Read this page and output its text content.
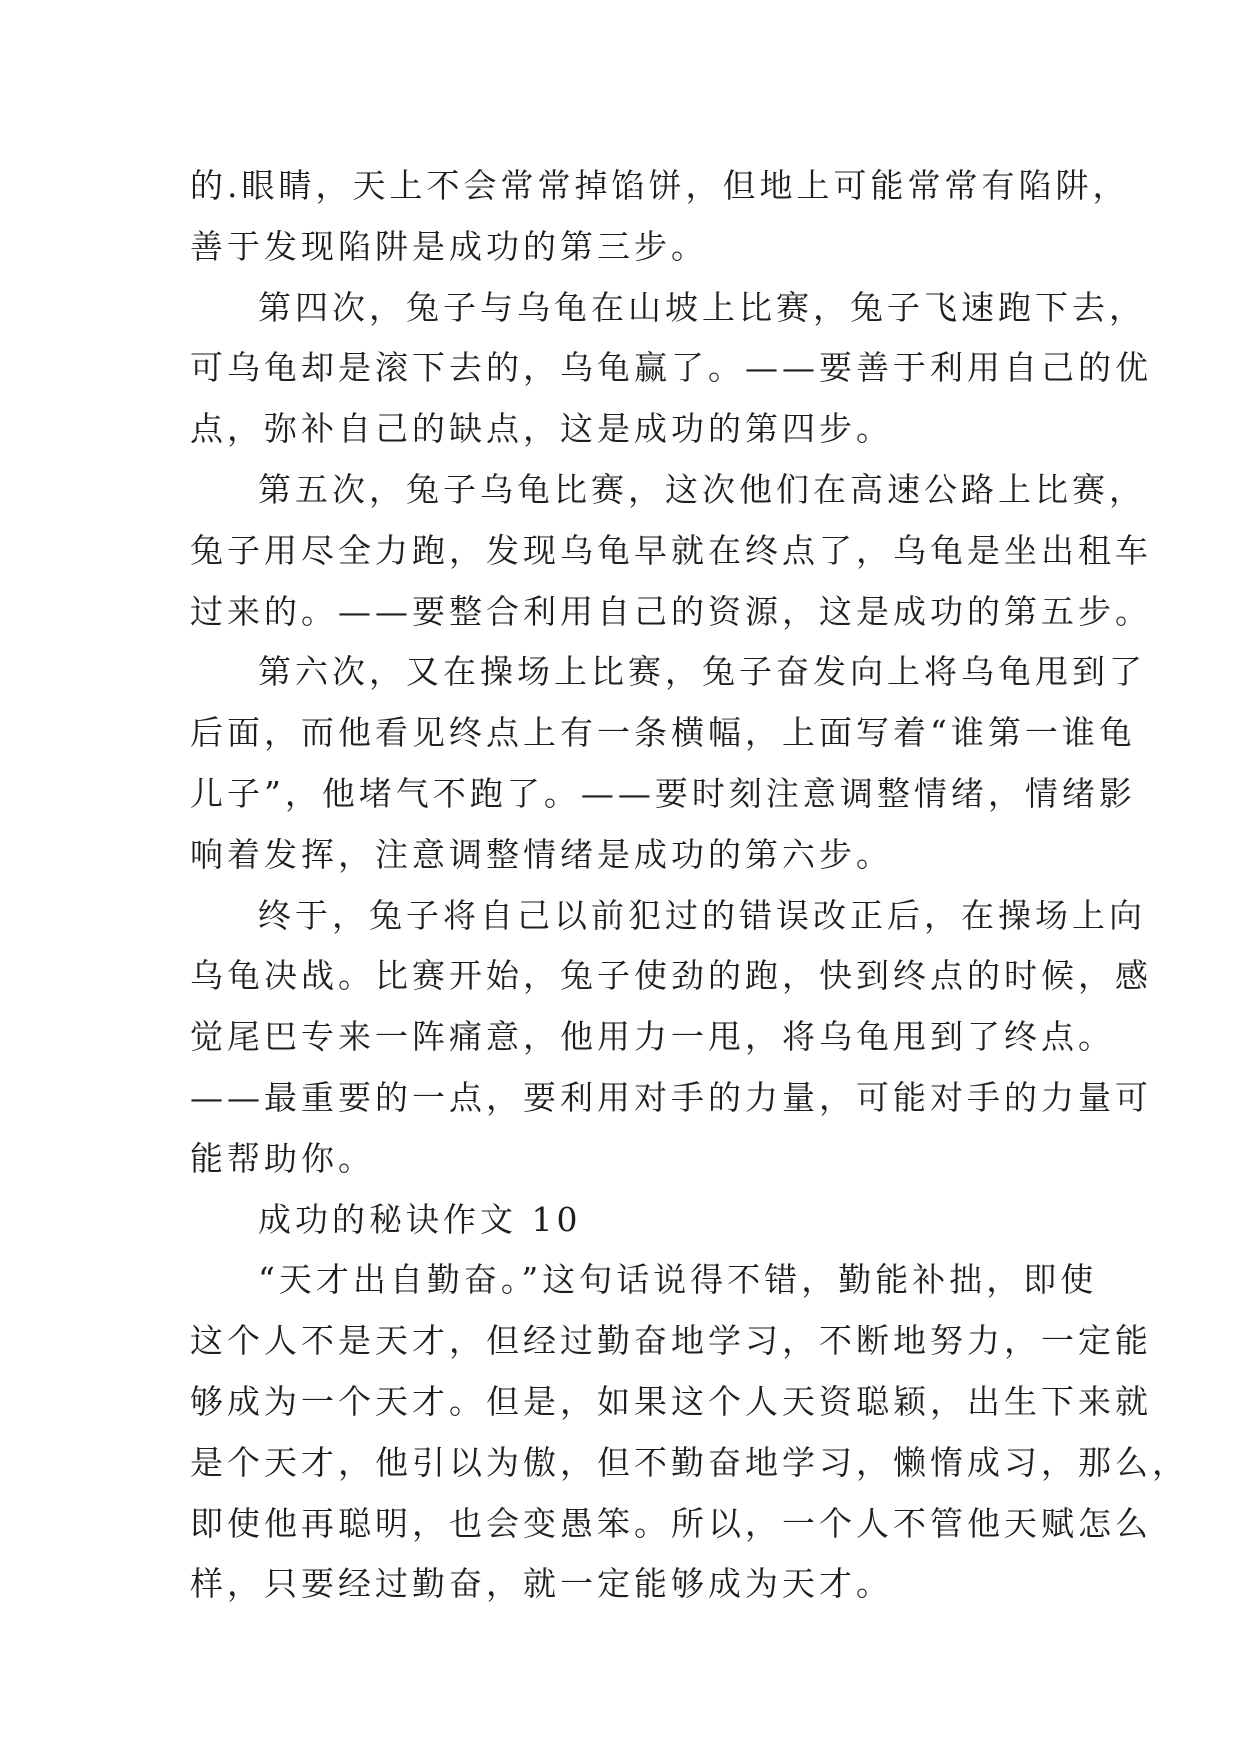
的.眼睛，天上不会常常掉馅饼，但地上可能常常有陷阱，
善于发现陷阱是成功的第三步。
第四次，兔子与乌龟在山坡上比赛，兔子飞速跑下去，
可乌龟却是滚下去的，乌龟赢了。——要善于利用自己的优
点，弥补自己的缺点，这是成功的第四步。
第五次，兔子乌龟比赛，这次他们在高速公路上比赛，
兔子用尽全力跑，发现乌龟早就在终点了，乌龟是坐出租车
过来的。——要整合利用自己的资源，这是成功的第五步。
第六次，又在操场上比赛，兔子奋发向上将乌龟甩到了
后面，而他看见终点上有一条横幅，上面写着“谁第一谁龟
儿子”，他堵气不跑了。——要时刻注意调整情绪，情绪影
响着发挥，注意调整情绪是成功的第六步。
终于，兔子将自己以前犯过的错误改正后，在操场上向
乌龟决战。比赛开始，兔子使劲的跑，快到终点的时候，感
觉尾巴专来一阵痛意，他用力一甩，将乌龟甩到了终点。
——最重要的一点，要利用对手的力量，可能对手的力量可
能帮助你。
成功的秘诀作文 10
“天才出自勤奋。”这句话说得不错，勤能补拙，即使
这个人不是天才，但经过勤奋地学习，不断地努力，一定能
够成为一个天才。但是，如果这个人天资聪颖，出生下来就
是个天才，他引以为傲，但不勤奋地学习，懒惰成习，那么，
即使他再聪明，也会变愚笨。所以，一个人不管他天赋怎么
样，只要经过勤奋，就一定能够成为天才。
